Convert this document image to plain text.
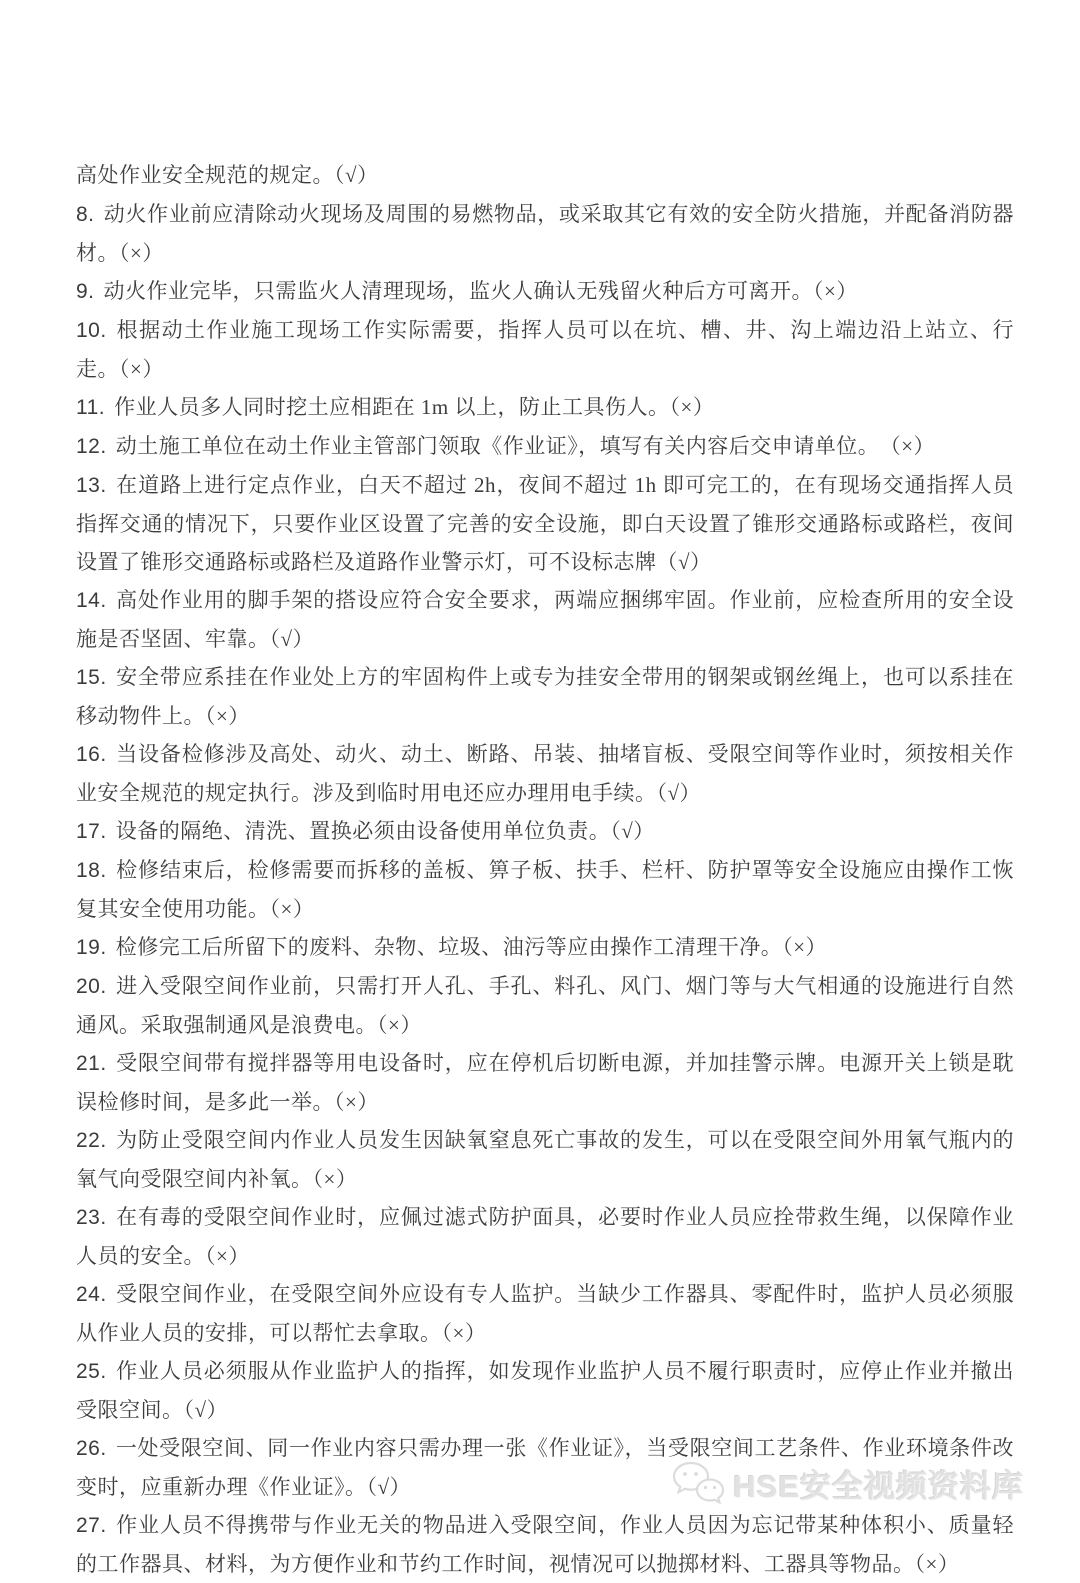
高处作业安全规范的规定。（√）

8. 动火作业前应清除动火现场及周围的易燃物品，或采取其它有效的安全防火措施，并配备消防器材。（×）

9. 动火作业完毕，只需监火人清理现场，监火人确认无残留火种后方可离开。（×）

10. 根据动土作业施工现场工作实际需要，指挥人员可以在坑、槽、井、沟上端边沿上站立、行走。（×）

11. 作业人员多人同时挖土应相距在 1m 以上，防止工具伤人。（×）

12. 动土施工单位在动土作业主管部门领取《作业证》，填写有关内容后交申请单位。　（×）

13. 在道路上进行定点作业，白天不超过 2h，夜间不超过 1h 即可完工的，在有现场交通指挥人员指挥交通的情况下，只要作业区设置了完善的安全设施，即白天设置了锥形交通路标或路栏，夜间设置了锥形交通路标或路栏及道路作业警示灯，可不设标志牌（√）

14. 高处作业用的脚手架的搭设应符合安全要求，两端应捆绑牢固。作业前，应检查所用的安全设施是否坚固、牢靠。（√）

15. 安全带应系挂在作业处上方的牢固构件上或专为挂安全带用的钢架或钢丝绳上，也可以系挂在移动物件上。（×）

16. 当设备检修涉及高处、动火、动土、断路、吊装、抽堵盲板、受限空间等作业时，须按相关作业安全规范的规定执行。涉及到临时用电还应办理用电手续。（√）

17. 设备的隔绝、清洗、置换必须由设备使用单位负责。（√）

18. 检修结束后，检修需要而拆移的盖板、箅子板、扶手、栏杆、防护罩等安全设施应由操作工恢复其安全使用功能。（×）

19. 检修完工后所留下的废料、杂物、垃圾、油污等应由操作工清理干净。（×）

20. 进入受限空间作业前，只需打开人孔、手孔、料孔、风门、烟门等与大气相通的设施进行自然通风。采取强制通风是浪费电。（×）

21. 受限空间带有搅拌器等用电设备时，应在停机后切断电源，并加挂警示牌。电源开关上锁是耽误检修时间，是多此一举。（×）

22. 为防止受限空间内作业人员发生因缺氧窒息死亡事故的发生，可以在受限空间外用氧气瓶内的氧气向受限空间内补氧。（×）

23. 在有毒的受限空间作业时，应佩过滤式防护面具，必要时作业人员应拴带救生绳，以保障作业人员的安全。（×）

24. 受限空间作业，在受限空间外应设有专人监护。当缺少工作器具、零配件时，监护人员必须服从作业人员的安排，可以帮忙去拿取。（×）

25. 作业人员必须服从作业监护人的指挥，如发现作业监护人员不履行职责时，应停止作业并撤出受限空间。（√）

26. 一处受限空间、同一作业内容只需办理一张《作业证》，当受限空间工艺条件、作业环境条件改变时，应重新办理《作业证》。（√）

27. 作业人员不得携带与作业无关的物品进入受限空间，作业人员因为忘记带某种体积小、质量轻的工作器具、材料，为方便作业和节约工作时间，视情况可以抛掷材料、工器具等物品。（×）

HSE安全视频资料库
